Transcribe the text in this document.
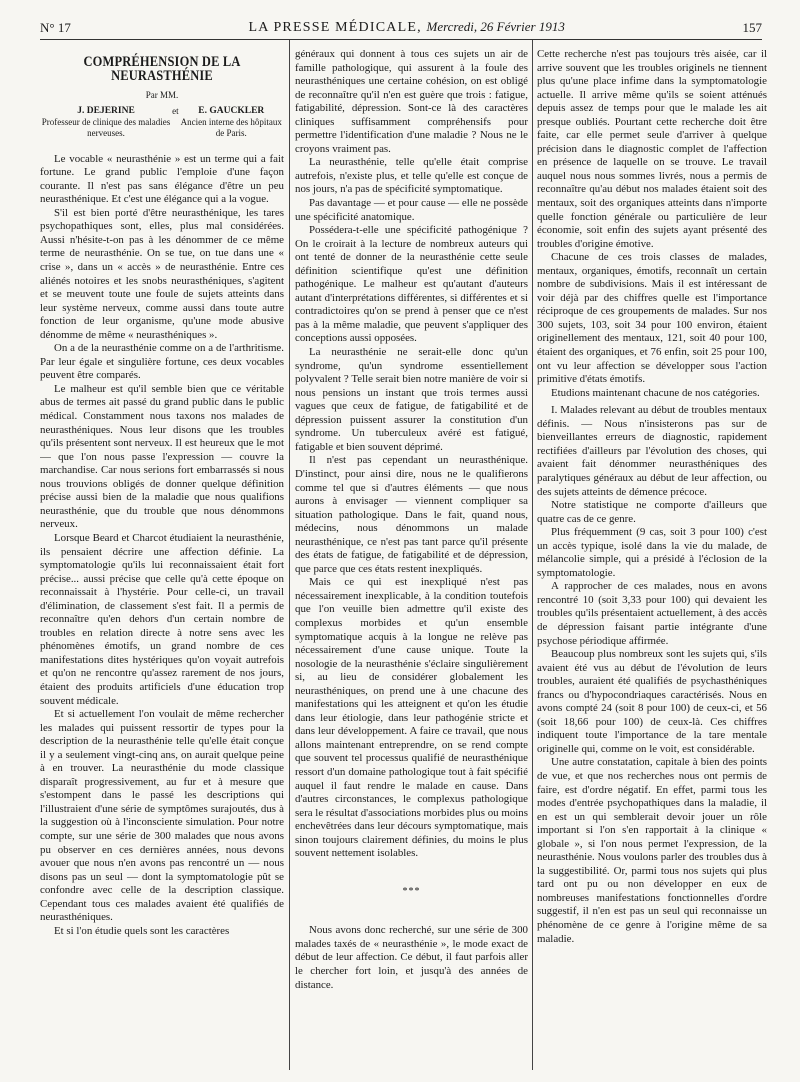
N° 17	LA PRESSE MÉDICALE, Mercredi, 26 Février 1913	157
COMPRÉHENSION DE LA NEURASTHÉNIE
Par MM.
J. DEJERINE
Professeur de clinique des maladies nerveuses.
et	E. GAUCKLER
Ancien interne des hôpitaux de Paris.

Le vocable « neurasthénie » est un terme qui a fait fortune. Le grand public l'emploie d'une façon courante. Il n'est pas sans élégance d'être un peu neurasthénique. Et c'est une élégance qui a la vogue.

S'il est bien porté d'être neurasthénique, les tares psychopathiques sont, elles, plus mal considérées. Aussi n'hésite-t-on pas à les dénommer de ce même terme de neurasthénie. On se tue, on tue dans une « crise », dans un « accès » de neurasthénie. Entre ces aliénés notoires et les snobs neurasthéniques, s'agitent et se meuvent toute une foule de sujets atteints dans leur système nerveux, comme aussi dans toute autre fonction de leur organisme, qu'une mode abusive dénomme de même « neurasthéniques ».

On a de la neurasthénie comme on a de l'arthritisme. Par leur égale et singulière fortune, ces deux vocables peuvent être comparés.

Le malheur est qu'il semble bien que ce véritable abus de termes ait passé du grand public dans le public médical. Constamment nous taxons nos malades de neurasthéniques. Nous leur disons que les troubles qu'ils présentent sont nerveux. Il est heureux que le mot — que l'on nous passe l'expression — couvre la marchandise. Car nous serions fort embarrassés si nous nous trouvions obligés de donner quelque définition précise aussi bien de la maladie que nous qualifions neurasthénie, que du trouble que nous dénommons nerveux.

Lorsque Beard et Charcot étudiaient la neurasthénie, ils pensaient décrire une affection définie. La symptomatologie qu'ils lui reconnaissaient était fort précise... aussi précise que celle qu'à cette époque on reconnaissait à l'hystérie. Pour celle-ci, un travail d'élimination, de classement s'est fait. Il a permis de reconnaître qu'en dehors d'un certain nombre de troubles en relation directe à notre sens avec les phénomènes émotifs, un grand nombre de ces manifestations dites hystériques qu'on voyait autrefois et qu'on ne rencontre qu'assez rarement de nos jours, étaient des produits artificiels d'une éducation trop souvent médicale.

Et si actuellement l'on voulait de même rechercher les malades qui puissent ressortir de types pour la description de la neurasthénie telle qu'elle était conçue il y a seulement vingt-cinq ans, on aurait quelque peine à en trouver. La neurasthénie du mode classique disparaît progressivement, au fur et à mesure que s'estompent dans le passé les descriptions qui l'illustraient d'une série de symptômes surajoutés, dus à la suggestion où à l'inconsciente simulation. Pour notre compte, sur une série de 300 malades que nous avons pu observer en ces dernières années, nous devons avouer que nous n'en avons pas rencontré un — nous disons pas un seul — dont la symptomatologie pût se confondre avec celle de la description classique. Cependant tous ces malades avaient été qualifiés de neurasthéniques.

Et si l'on étudie quels sont les caractères

généraux qui donnent à tous ces sujets un air de famille pathologique, qui assurent à la foule des neurasthéniques une certaine cohésion, on est obligé de reconnaître qu'il n'en est guère que trois : fatigue, fatigabilité, dépression. Sont-ce là des caractères cliniques suffisamment compréhensifs pour permettre l'identification d'une maladie ? Nous ne le croyons vraiment pas.

La neurasthénie, telle qu'elle était comprise autrefois, n'existe plus, et telle qu'elle est conçue de nos jours, n'a pas de spécificité symptomatique.

Pas davantage — et pour cause — elle ne possède une spécificité anatomique.

Possédera-t-elle une spécificité pathogénique ? On le croirait à la lecture de nombreux auteurs qui ont tenté de donner de la neurasthénie cette seule définition scientifique qu'est une définition pathogénique. Le malheur est qu'autant d'auteurs autant d'interprétations différentes, si différentes et si contradictoires qu'on se prend à penser que ce n'est pas à la même maladie, que peuvent s'appliquer des conceptions aussi opposées.

La neurasthénie ne serait-elle donc qu'un syndrome, qu'un syndrome essentiellement polyvalent ? Telle serait bien notre manière de voir si nous pensions un instant que trois termes aussi vagues que ceux de fatigue, de fatigabilité et de dépression puissent assurer la constitution d'un syndrome. Un tuberculeux avéré est fatigué, fatigable et bien souvent déprimé.

Il n'est pas cependant un neurasthénique. D'instinct, pour ainsi dire, nous ne le qualifierons comme tel que si d'autres éléments — que nous aurons à envisager — viennent compliquer sa situation pathologique. Dans le fait, quand nous, médecins, nous dénommons un malade neurasthénique, ce n'est pas tant parce qu'il présente des états de fatigue, de fatigabilité et de dépression, que parce que ces états restent inexpliqués.

Mais ce qui est inexpliqué n'est pas nécessairement inexplicable, à la condition toutefois que l'on veuille bien admettre qu'il existe des complexus morbides et qu'un ensemble symptomatique acquis à la longue ne relève pas nécessairement d'une cause unique. Toute la nosologie de la neurasthénie s'éclaire singulièrement si, au lieu de considérer globalement les neurasthéniques, on prend une à une chacune des manifestations qui les atteignent et qu'on les étudie dans leur étiologie, dans leur pathogénie stricte et dans leur développement. A faire ce travail, que nous allons maintenant entreprendre, on se rend compte que souvent tel processus qualifié de neurasthénique ressort d'un domaine pathologique tout à fait spécifié auquel il faut rendre le malade en cause. Dans d'autres circonstances, le complexus pathologique sera le résultat d'associations morbides plus ou moins enchevêtrées dans leur décours symptomatique, mais sinon toujours clairement définies, du moins le plus souvent nettement isolables.

***

Nous avons donc recherché, sur une série de 300 malades taxés de « neurasthénie », le mode exact de début de leur affection. Ce début, il faut parfois aller le chercher fort loin, et jusqu'à des années de distance.

Cette recherche n'est pas toujours très aisée, car il arrive souvent que les troubles originels ne tiennent plus qu'une place infime dans la symptomatologie actuelle. Il arrive même qu'ils se soient atténués depuis assez de temps pour que le malade les ait presque oubliés. Pourtant cette recherche doit être faite, car elle permet seule d'arriver à quelque précision dans le diagnostic complet de l'affection en présence de laquelle on se trouve. Le travail auquel nous nous sommes livrés, nous a permis de reconnaître qu'au début nos malades étaient soit des mentaux, soit des organiques atteints dans n'importe quelle fonction générale ou particulière de leur économie, soit enfin des sujets ayant présenté des troubles d'origine émotive.

Chacune de ces trois classes de malades, mentaux, organiques, émotifs, reconnaît un certain nombre de subdivisions. Mais il est intéressant de voir déjà par des chiffres quelle est l'importance réciproque de ces groupements de malades. Sur nos 300 sujets, 103, soit 34 pour 100 environ, étaient originellement des mentaux, 121, soit 40 pour 100, étaient des organiques, et 76 enfin, soit 25 pour 100, ont vu leur affection se développer sous l'action primitive d'états émotifs.

Etudions maintenant chacune de nos catégories.

I. Malades relevant au début de troubles mentaux définis. — Nous n'insisterons pas sur de bienveillantes erreurs de diagnostic, rapidement rectifiées d'ailleurs par l'évolution des choses, qui avaient fait dénommer neurasthéniques des paralytiques généraux au début de leur affection, ou des sujets atteints de démence précoce.

Notre statistique ne comporte d'ailleurs que quatre cas de ce genre.

Plus fréquemment (9 cas, soit 3 pour 100) c'est un accès typique, isolé dans la vie du malade, de mélancolie simple, qui a présidé à l'éclosion de la symptomatologie.

A rapprocher de ces malades, nous en avons rencontré 10 (soit 3,33 pour 100) qui devaient les troubles qu'ils présentaient actuellement, à des accès de dépression faisant partie intégrante d'une psychose périodique affirmée.

Beaucoup plus nombreux sont les sujets qui, s'ils avaient été vus au début de l'évolution de leurs troubles, auraient été qualifiés de psychasthéniques francs ou d'hypocondriaques caractérisés. Nous en avons compté 24 (soit 8 pour 100) de ceux-ci, et 56 (soit 18,66 pour 100) de ceux-là. Ces chiffres indiquent toute l'importance de la tare mentale originelle qui, comme on le voit, est considérable.

Une autre constatation, capitale à bien des points de vue, et que nos recherches nous ont permis de faire, est d'ordre négatif. En effet, parmi tous les modes d'entrée psychopathiques dans la maladie, il en est un qui semblerait devoir jouer un rôle important si l'on s'en rapportait à la clinique « globale », si l'on nous permet l'expression, de la neurasthénie. Nous voulons parler des troubles dus à la suggestibilité. Or, parmi tous nos sujets qui plus tard ont pu ou non développer en eux de nombreuses manifestations fonctionnelles d'ordre suggestif, il n'en est pas un seul qui reconnaisse un phénomène de ce genre à l'origine même de sa maladie.
